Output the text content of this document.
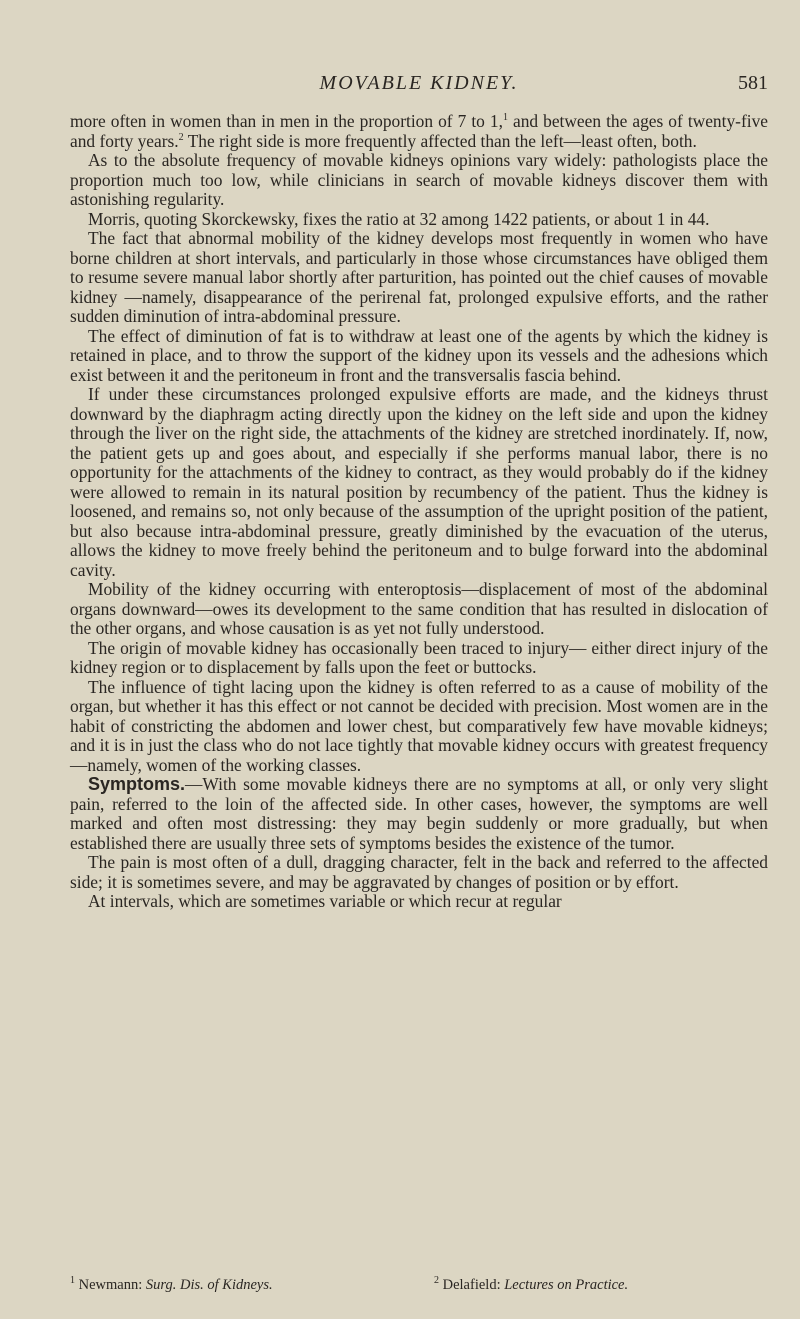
MOVABLE KIDNEY.	581

more often in women than in men in the proportion of 7 to 1,$^1$ and between the ages of twenty-five and forty years.$^2$ The right side is more frequently affected than the left—least often, both.

As to the absolute frequency of movable kidneys opinions vary widely: pathologists place the proportion much too low, while clinicians in search of movable kidneys discover them with astonishing regularity.

Morris, quoting Skorckewsky, fixes the ratio at 32 among 1422 patients, or about 1 in 44.

The fact that abnormal mobility of the kidney develops most frequently in women who have borne children at short intervals, and particularly in those whose circumstances have obliged them to resume severe manual labor shortly after parturition, has pointed out the chief causes of movable kidney —namely, disappearance of the perirenal fat, prolonged expulsive efforts, and the rather sudden diminution of intra-abdominal pressure.

The effect of diminution of fat is to withdraw at least one of the agents by which the kidney is retained in place, and to throw the support of the kidney upon its vessels and the adhesions which exist between it and the peritoneum in front and the transversalis fascia behind.

If under these circumstances prolonged expulsive efforts are made, and the kidneys thrust downward by the diaphragm acting directly upon the kidney on the left side and upon the kidney through the liver on the right side, the attachments of the kidney are stretched inordinately. If, now, the patient gets up and goes about, and especially if she performs manual labor, there is no opportunity for the attachments of the kidney to contract, as they would probably do if the kidney were allowed to remain in its natural position by recumbency of the patient. Thus the kidney is loosened, and remains so, not only because of the assumption of the upright position of the patient, but also because intra-abdominal pressure, greatly diminished by the evacuation of the uterus, allows the kidney to move freely behind the peritoneum and to bulge forward into the abdominal cavity.

Mobility of the kidney occurring with enteroptosis—displacement of most of the abdominal organs downward—owes its development to the same condition that has resulted in dislocation of the other organs, and whose causation is as yet not fully understood.

The origin of movable kidney has occasionally been traced to injury— either direct injury of the kidney region or to displacement by falls upon the feet or buttocks.

The influence of tight lacing upon the kidney is often referred to as a cause of mobility of the organ, but whether it has this effect or not cannot be decided with precision. Most women are in the habit of constricting the abdomen and lower chest, but comparatively few have movable kidneys; and it is in just the class who do not lace tightly that movable kidney occurs with greatest frequency—namely, women of the working classes.

Symptoms.—With some movable kidneys there are no symptoms at all, or only very slight pain, referred to the loin of the affected side. In other cases, however, the symptoms are well marked and often most distressing: they may begin suddenly or more gradually, but when established there are usually three sets of symptoms besides the existence of the tumor.

The pain is most often of a dull, dragging character, felt in the back and referred to the affected side; it is sometimes severe, and may be aggravated by changes of position or by effort.

At intervals, which are sometimes variable or which recur at regular

$^1$ Newmann: Surg. Dis. of Kidneys.	$^2$ Delafield: Lectures on Practice.
